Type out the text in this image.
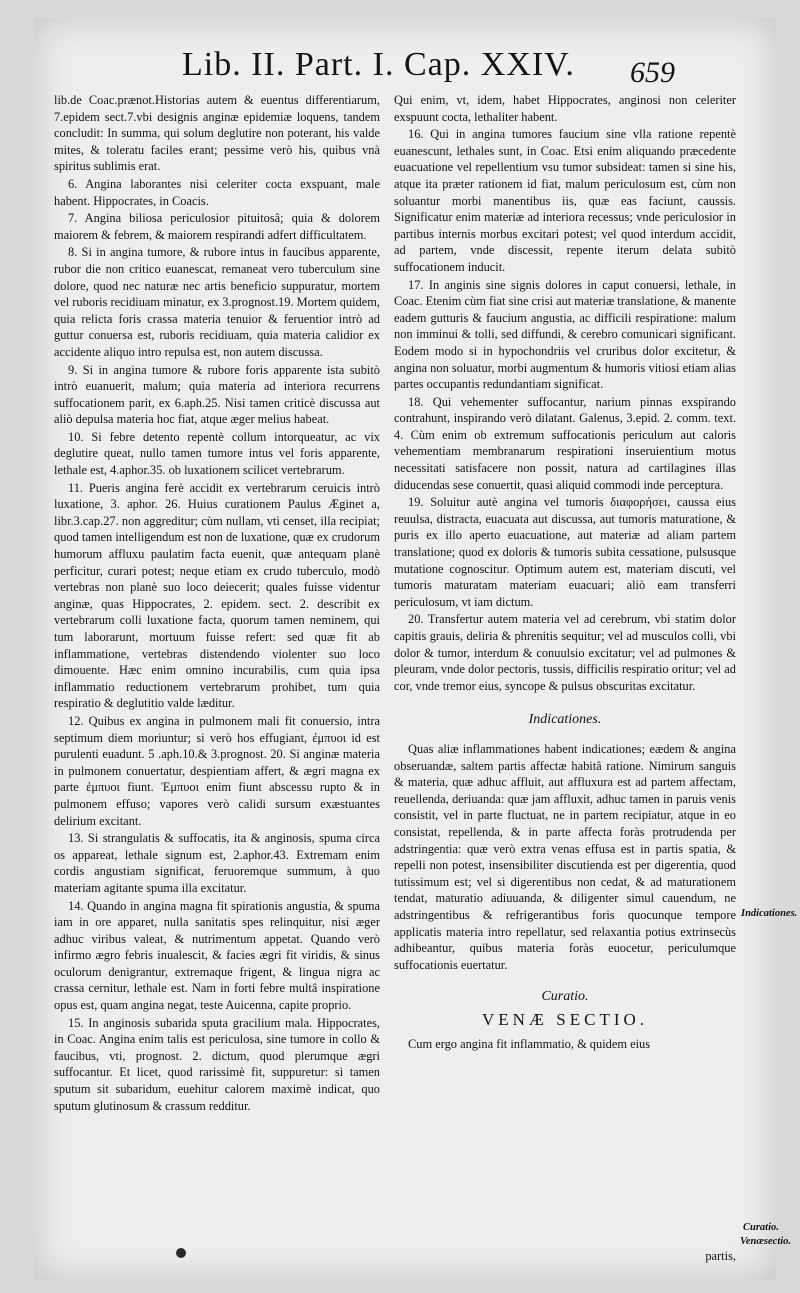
Lib. II. Part. I. Cap. XXIV. 659

lib.de Coac.prænot.Historias autem & euentus differentiarum, 7.epidem sect.7.vbi designis anginæ epidemiæ loquens, tandem concludit: In summa, qui solum deglutire non poterant, his valde mites, & toleratu faciles erant; pessime verò his, quibus vnà spiritus sublimis erat.

6. Angina laborantes nisi celeriter cocta exspuant, male habent. Hippocrates, in Coacis.

7. Angina biliosa periculosior pituitosâ; quia & dolorem maiorem & febrem, & maiorem respirandi adfert difficultatem.

8. Si in angina tumore, & rubore intus in faucibus apparente, rubor die non critico euanescat, remaneat vero tuberculum sine dolore, quod nec naturæ nec artis beneficio suppuratur, mortem vel ruboris recidiuam minatur, ex 3.prognost.19. Mortem quidem, quia relicta foris crassa materia tenuior & feruentior intrò ad guttur conuersa est, ruboris recidiuam, quia materia calidior ex accidente aliquo intro repulsa est, non autem discussa.

9. Si in angina tumore & rubore foris apparente ista subitò intrò euanuerit, malum; quia materia ad interiora recurrens suffocationem parit, ex 6.aph.25. Nisi tamen criticè discussa aut aliò depulsa materia hoc fiat, atque æger melius habeat.

10. Si febre detento repentè collum intorqueatur, ac vix deglutire queat, nullo tamen tumore intus vel foris apparente, lethale est, 4.aphor.35. ob luxationem scilicet vertebrarum.

11. Pueris angina ferè accidit ex vertebrarum ceruicis intrò luxatione, 3. aphor. 26. Huius curationem Paulus Æginet a, libr.3.cap.27. non aggreditur; cùm nullam, vti censet, illa recipiat; quod tamen intelligendum est non de luxatione, quæ ex crudorum humorum affluxu paulatim facta euenit, quæ antequam planè perficitur, curari potest; neque etiam ex crudo tuberculo, modò vertebras non planè suo loco deiecerit; quales fuisse videntur anginæ, quas Hippocrates, 2. epidem. sect. 2. describit ex vertebrarum colli luxatione facta, quorum tamen neminem, qui tum laborarunt, mortuum fuisse refert: sed quæ fit ab inflammatione, vertebras distendendo violenter suo loco dimouente. Hæc enim omnino incurabilis, cum quia ipsa inflammatio reductionem vertebrarum prohibet, tum quia respiratio & deglutitio valde læditur.

12. Quibus ex angina in pulmonem mali fit conuersio, intra septimum diem moriuntur; si verò hos effugiant, ἐμπυοι id est purulenti euadunt. 5 .aph.10.& 3.prognost. 20. Si anginæ materia in pulmonem conuertatur, despientiam affert, & ægri magna ex parte ἐμπυοι fiunt. Ἐμπυοι enim fiunt abscessu rupto & in pulmonem effuso; vapores verò calidi sursum exæstuantes delirium excitant.

13. Si strangulatis & suffocatis, ita & anginosis, spuma circa os appareat, lethale signum est, 2.aphor.43. Extremam enim cordis angustiam significat, feruoremque summum, à quo materiam agitante spuma illa excitatur.

14. Quando in angina magna fit spirationis angustia, & spuma iam in ore apparet, nulla sanitatis spes relinquitur, nisi æger adhuc viribus valeat, & nutrimentum appetat. Quando verò infirmo ægro febris inualescit, & facies ægri fit viridis, & sinus oculorum denigrantur, extremaque frigent, & lingua nigra ac crassa cernitur, lethale est. Nam in forti febre multâ inspiratione opus est, quam angina negat, teste Auicenna, capite proprio.

15. In anginosis subarida sputa gracilium mala. Hippocrates, in Coac. Angina enim talis est periculosa, sine tumore in collo & faucibus, vti, prognost. 2. dictum, quod plerumque ægri suffocantur. Et licet, quod rarissimè fit, suppuretur: si tamen sputum sit subaridum, euehitur calorem maximè indicat, quo sputum glutinosum & crassum redditur.

Qui enim, vt, idem, habet Hippocrates, anginosi non celeriter exspuunt cocta, lethaliter habent.

16. Qui in angina tumores faucium sine vlla ratione repentè euanescunt, lethales sunt, in Coac. Etsi enim aliquando præcedente euacuatione vel repellentium vsu tumor subsideat: tamen si sine his, atque ita præter rationem id fiat, malum periculosum est, cùm non soluantur morbi manentibus iis, quæ eas faciunt, caussis. Significatur enim materiæ ad interiora recessus; vnde periculosior in partibus internis morbus excitari potest; vel quod interdum accidit, ad partem, vnde discessit, repente iterum delata subitò suffocationem inducit.

17. In anginis sine signis dolores in caput conuersi, lethale, in Coac. Etenim cùm fiat sine crisi aut materiæ translatione, & manente eadem gutturis & faucium angustia, ac difficili respiratione: malum non imminui & tolli, sed diffundi, & cerebro comunicari significant. Eodem modo si in hypochondriis vel cruribus dolor excitetur, & angina non soluatur, morbi augmentum & humoris vitiosi etiam alias partes occupantis redundantiam significat.

18. Qui vehementer suffocantur, narium pinnas exspirando contrahunt, inspirando verò dilatant. Galenus, 3.epid. 2. comm. text. 4. Cùm enim ob extremum suffocationis periculum aut caloris vehementiam membranarum respirationi inseruientium motus necessitati satisfacere non possit, natura ad cartilagines illas diducendas sese conuertit, quasi aliquid commodi inde perceptura.

19. Soluitur autè angina vel tumoris διαφορήσει, caussa eius reuulsa, distracta, euacuata aut discussa, aut tumoris maturatione, & puris ex illo aperto euacuatione, aut materiæ ad aliam partem translatione; quod ex doloris & tumoris subita cessatione, pulsusque mutatione cognoscitur. Optimum autem est, materiam discuti, vel tumoris maturatam materiam euacuari; aliò eam transferri periculosum, vt iam dictum.

20. Transfertur autem materia vel ad cerebrum, vbi statim dolor capitis grauis, deliria & phrenitis sequitur; vel ad musculos colli, vbi dolor & tumor, interdum & conuulsio excitatur; vel ad pulmones & pleuram, vnde dolor pectoris, tussis, difficilis respiratio oritur; vel ad cor, vnde tremor eius, syncope & pulsus obscuritas excitatur.

Indicationes.

Quas aliæ inflammationes habent indicationes; eædem & angina obseruandæ, saltem partis affectæ habitâ ratione. Nimirum sanguis & materia, quæ adhuc affluit, aut affluxura est ad partem affectam, reuellenda, deriuanda: quæ jam affluxit, adhuc tamen in paruis venis consistit, vel in parte fluctuat, ne in partem recipiatur, atque in eo consistat, repellenda, & in parte affecta foràs protrudenda per adstringentia: quæ verò extra venas effusa est in partis spatia, & repelli non potest, insensibiliter discutienda est per digerentia, quod tutissimum est; vel si digerentibus non cedat, & ad maturationem tendat, maturatio adiuuanda, & diligenter simul cauendum, ne adstringentibus & refrigerantibus foris quocunque tempore applicatis materia intro repellatur, sed relaxantia potius extrinsecùs adhibeantur, quibus materia foràs euocetur, periculumque suffocationis euertatur.

Curatio.
VENÆ SECTIO.

Cum ergo angina fit inflammatio, & quidem eius

Indicationes.
Curatio.
Venæsectio.
partis,
